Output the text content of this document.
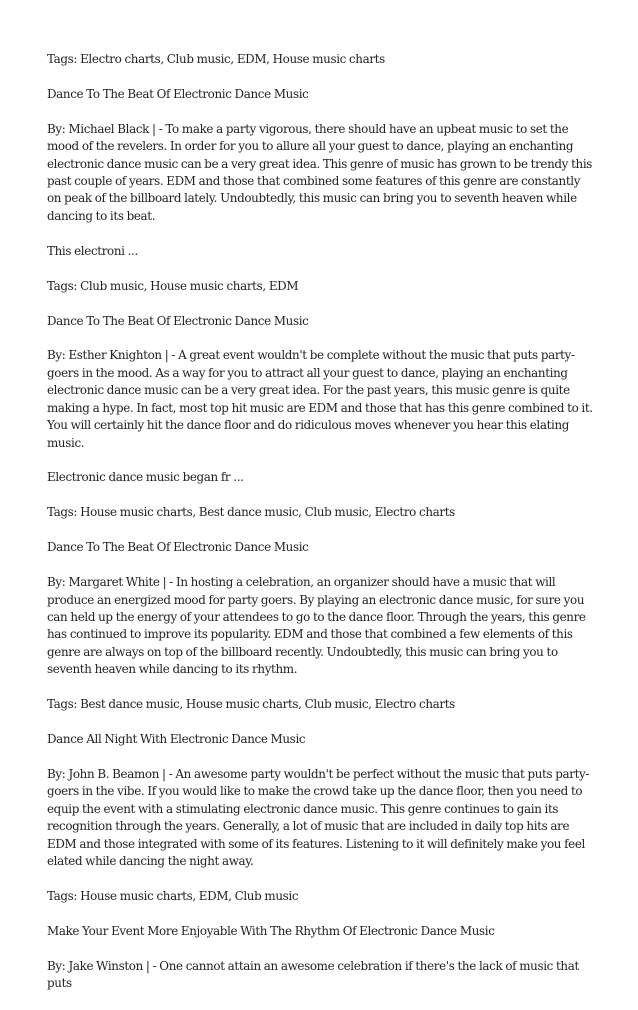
Tags: Electro charts, Club music, EDM, House music charts

Dance To The Beat Of Electronic Dance Music

By: Michael Black | - To make a party vigorous, there should have an upbeat music to set the mood of the revelers. In order for you to allure all your guest to dance, playing an enchanting electronic dance music can be a very great idea. This genre of music has grown to be trendy this past couple of years. EDM and those that combined some features of this genre are constantly on peak of the billboard lately. Undoubtedly, this music can bring you to seventh heaven while dancing to its beat.

This electroni ...

Tags: Club music, House music charts, EDM

Dance To The Beat Of Electronic Dance Music

By: Esther Knighton | - A great event wouldn't be complete without the music that puts party-goers in the mood. As a way for you to attract all your guest to dance, playing an enchanting electronic dance music can be a very great idea. For the past years, this music genre is quite making a hype. In fact, most top hit music are EDM and those that has this genre combined to it. You will certainly hit the dance floor and do ridiculous moves whenever you hear this elating music.

Electronic dance music began fr ...

Tags: House music charts, Best dance music, Club music, Electro charts

Dance To The Beat Of Electronic Dance Music

By: Margaret White | - In hosting a celebration, an organizer should have a music that will produce an energized mood for party goers. By playing an electronic dance music, for sure you can held up the energy of your attendees to go to the dance floor. Through the years, this genre has continued to improve its popularity. EDM and those that combined a few elements of this genre are always on top of the billboard recently. Undoubtedly, this music can bring you to seventh heaven while dancing to its rhythm.

Tags: Best dance music, House music charts, Club music, Electro charts

Dance All Night With Electronic Dance Music

By: John B. Beamon | - An awesome party wouldn't be perfect without the music that puts party-goers in the vibe. If you would like to make the crowd take up the dance floor, then you need to equip the event with a stimulating electronic dance music. This genre continues to gain its recognition through the years. Generally, a lot of music that are included in daily top hits are EDM and those integrated with some of its features. Listening to it will definitely make you feel elated while dancing the night away.

Tags: House music charts, EDM, Club music

Make Your Event More Enjoyable With The Rhythm Of Electronic Dance Music

By: Jake Winston | - One cannot attain an awesome celebration if there's the lack of music that puts
